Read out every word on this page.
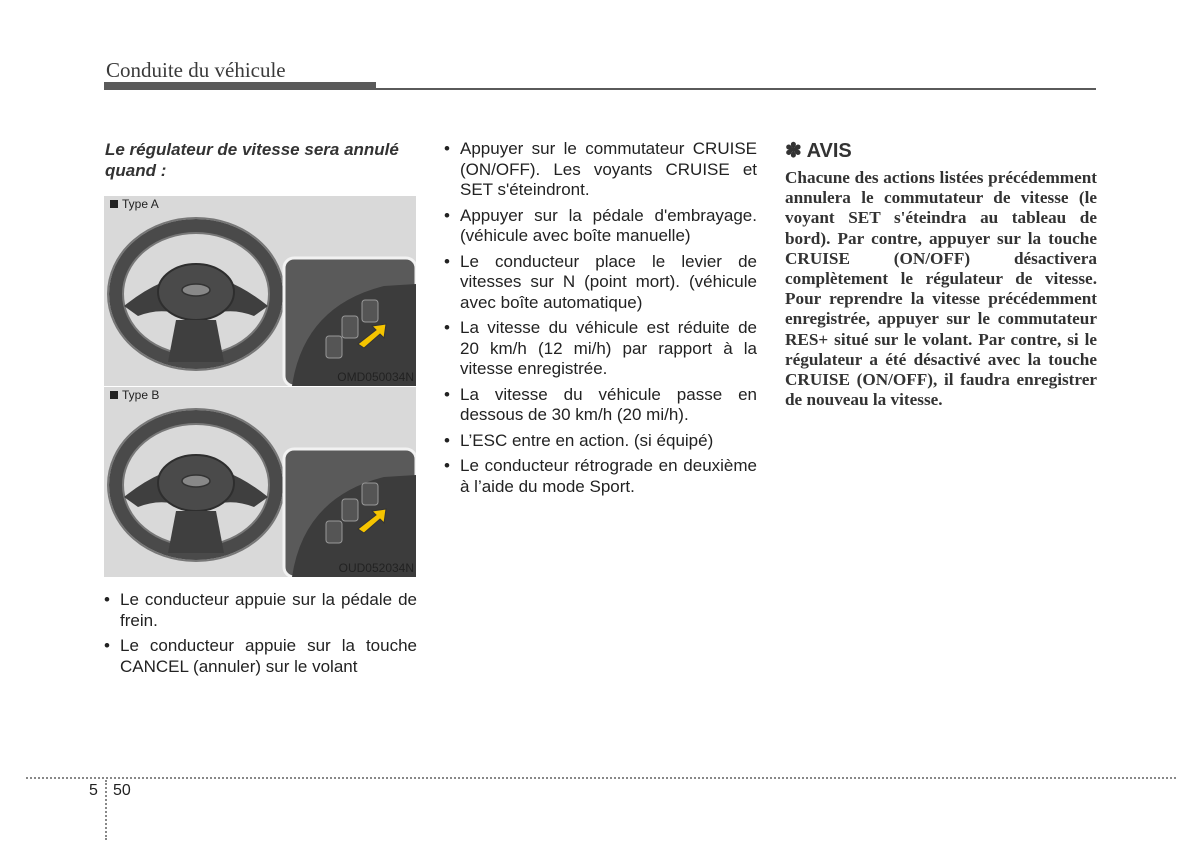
Conduite du véhicule

Le régulateur de vitesse sera annulé quand :

Type A
OMD050034N
Type B
OUD052034N
• Le conducteur appuie sur la pédale de frein.
• Le conducteur appuie sur la touche CANCEL (annuler) sur le volant
• Appuyer sur le commutateur CRUISE (ON/OFF). Les voyants CRUISE et SET s'éteindront.
• Appuyer sur la pédale d'embrayage. (véhicule avec boîte manuelle)
• Le conducteur place le levier de vitesses sur N (point mort). (véhicule avec boîte automatique)
• La vitesse du véhicule est réduite de 20 km/h (12 mi/h) par rapport à la vitesse enregistrée.
• La vitesse du véhicule passe en dessous de 30 km/h (20 mi/h).
• L’ESC entre en action. (si équipé)
• Le conducteur rétrograde en deuxième à l’aide du mode Sport.

✽ AVIS

Chacune des actions listées précédemment annulera le commutateur de vitesse (le voyant SET s'éteindra au tableau de bord). Par contre, appuyer sur la touche CRUISE (ON/OFF) désactivera complètement le régulateur de vitesse. Pour reprendre la vitesse précédemment enregistrée, appuyer sur le commutateur RES+ situé sur le volant. Par contre, si le régulateur a été désactivé avec la touche CRUISE (ON/OFF), il faudra enregistrer de nouveau la vitesse.

5 50
